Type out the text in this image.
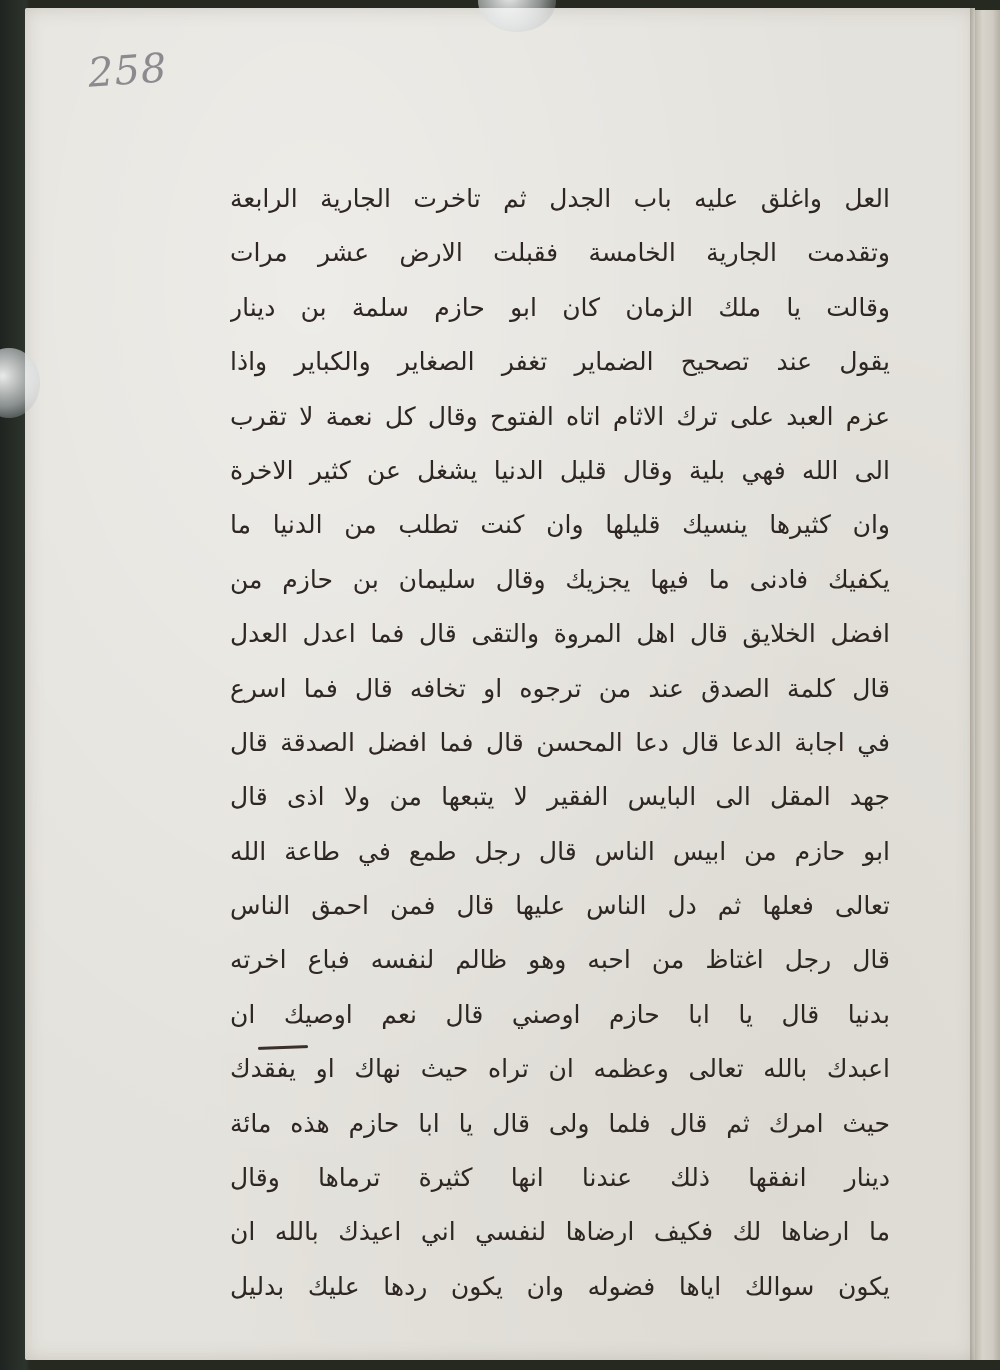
258
العل واغلق عليه باب الجدل ثم تاخرت الجارية الرابعة
وتقدمت الجارية الخامسة فقبلت الارض عشر مرات
وقالت يا ملك الزمان كان ابو حازم سلمة بن دينار
يقول عند تصحيح الضماير تغفر الصغاير والكباير واذا
عزم العبد على ترك الاثام اتاه الفتوح وقال كل نعمة لا تقرب
الى الله فهي بلية وقال قليل الدنيا يشغل عن كثير الاخرة
وان كثيرها ينسيك قليلها وان كنت تطلب من الدنيا ما
يكفيك فادنى ما فيها يجزيك وقال سليمان بن حازم من
افضل الخلايق قال اهل المروة والتقى قال فما اعدل العدل
قال كلمة الصدق عند من ترجوه او تخافه قال فما اسرع
في اجابة الدعا قال دعا المحسن قال فما افضل الصدقة قال
جهد المقل الى البايس الفقير لا يتبعها من ولا اذى قال
ابو حازم من ابيس الناس قال رجل طمع في طاعة الله
تعالى فعلها ثم دل الناس عليها قال فمن احمق الناس
قال رجل اغتاظ من احبه وهو ظالم لنفسه فباع اخرته
بدنيا قال يا ابا حازم اوصني قال نعم اوصيك ان
اعبدك بالله تعالى وعظمه ان تراه حيث نهاك او يفقدك
حيث امرك ثم قال فلما ولى قال يا ابا حازم هذه مائة
دينار انفقها ذلك عندنا انها كثيرة ترماها وقال
ما ارضاها لك فكيف ارضاها لنفسي اني اعيذك بالله ان
يكون سوالك اياها فضوله وان يكون ردها عليك بدليل
